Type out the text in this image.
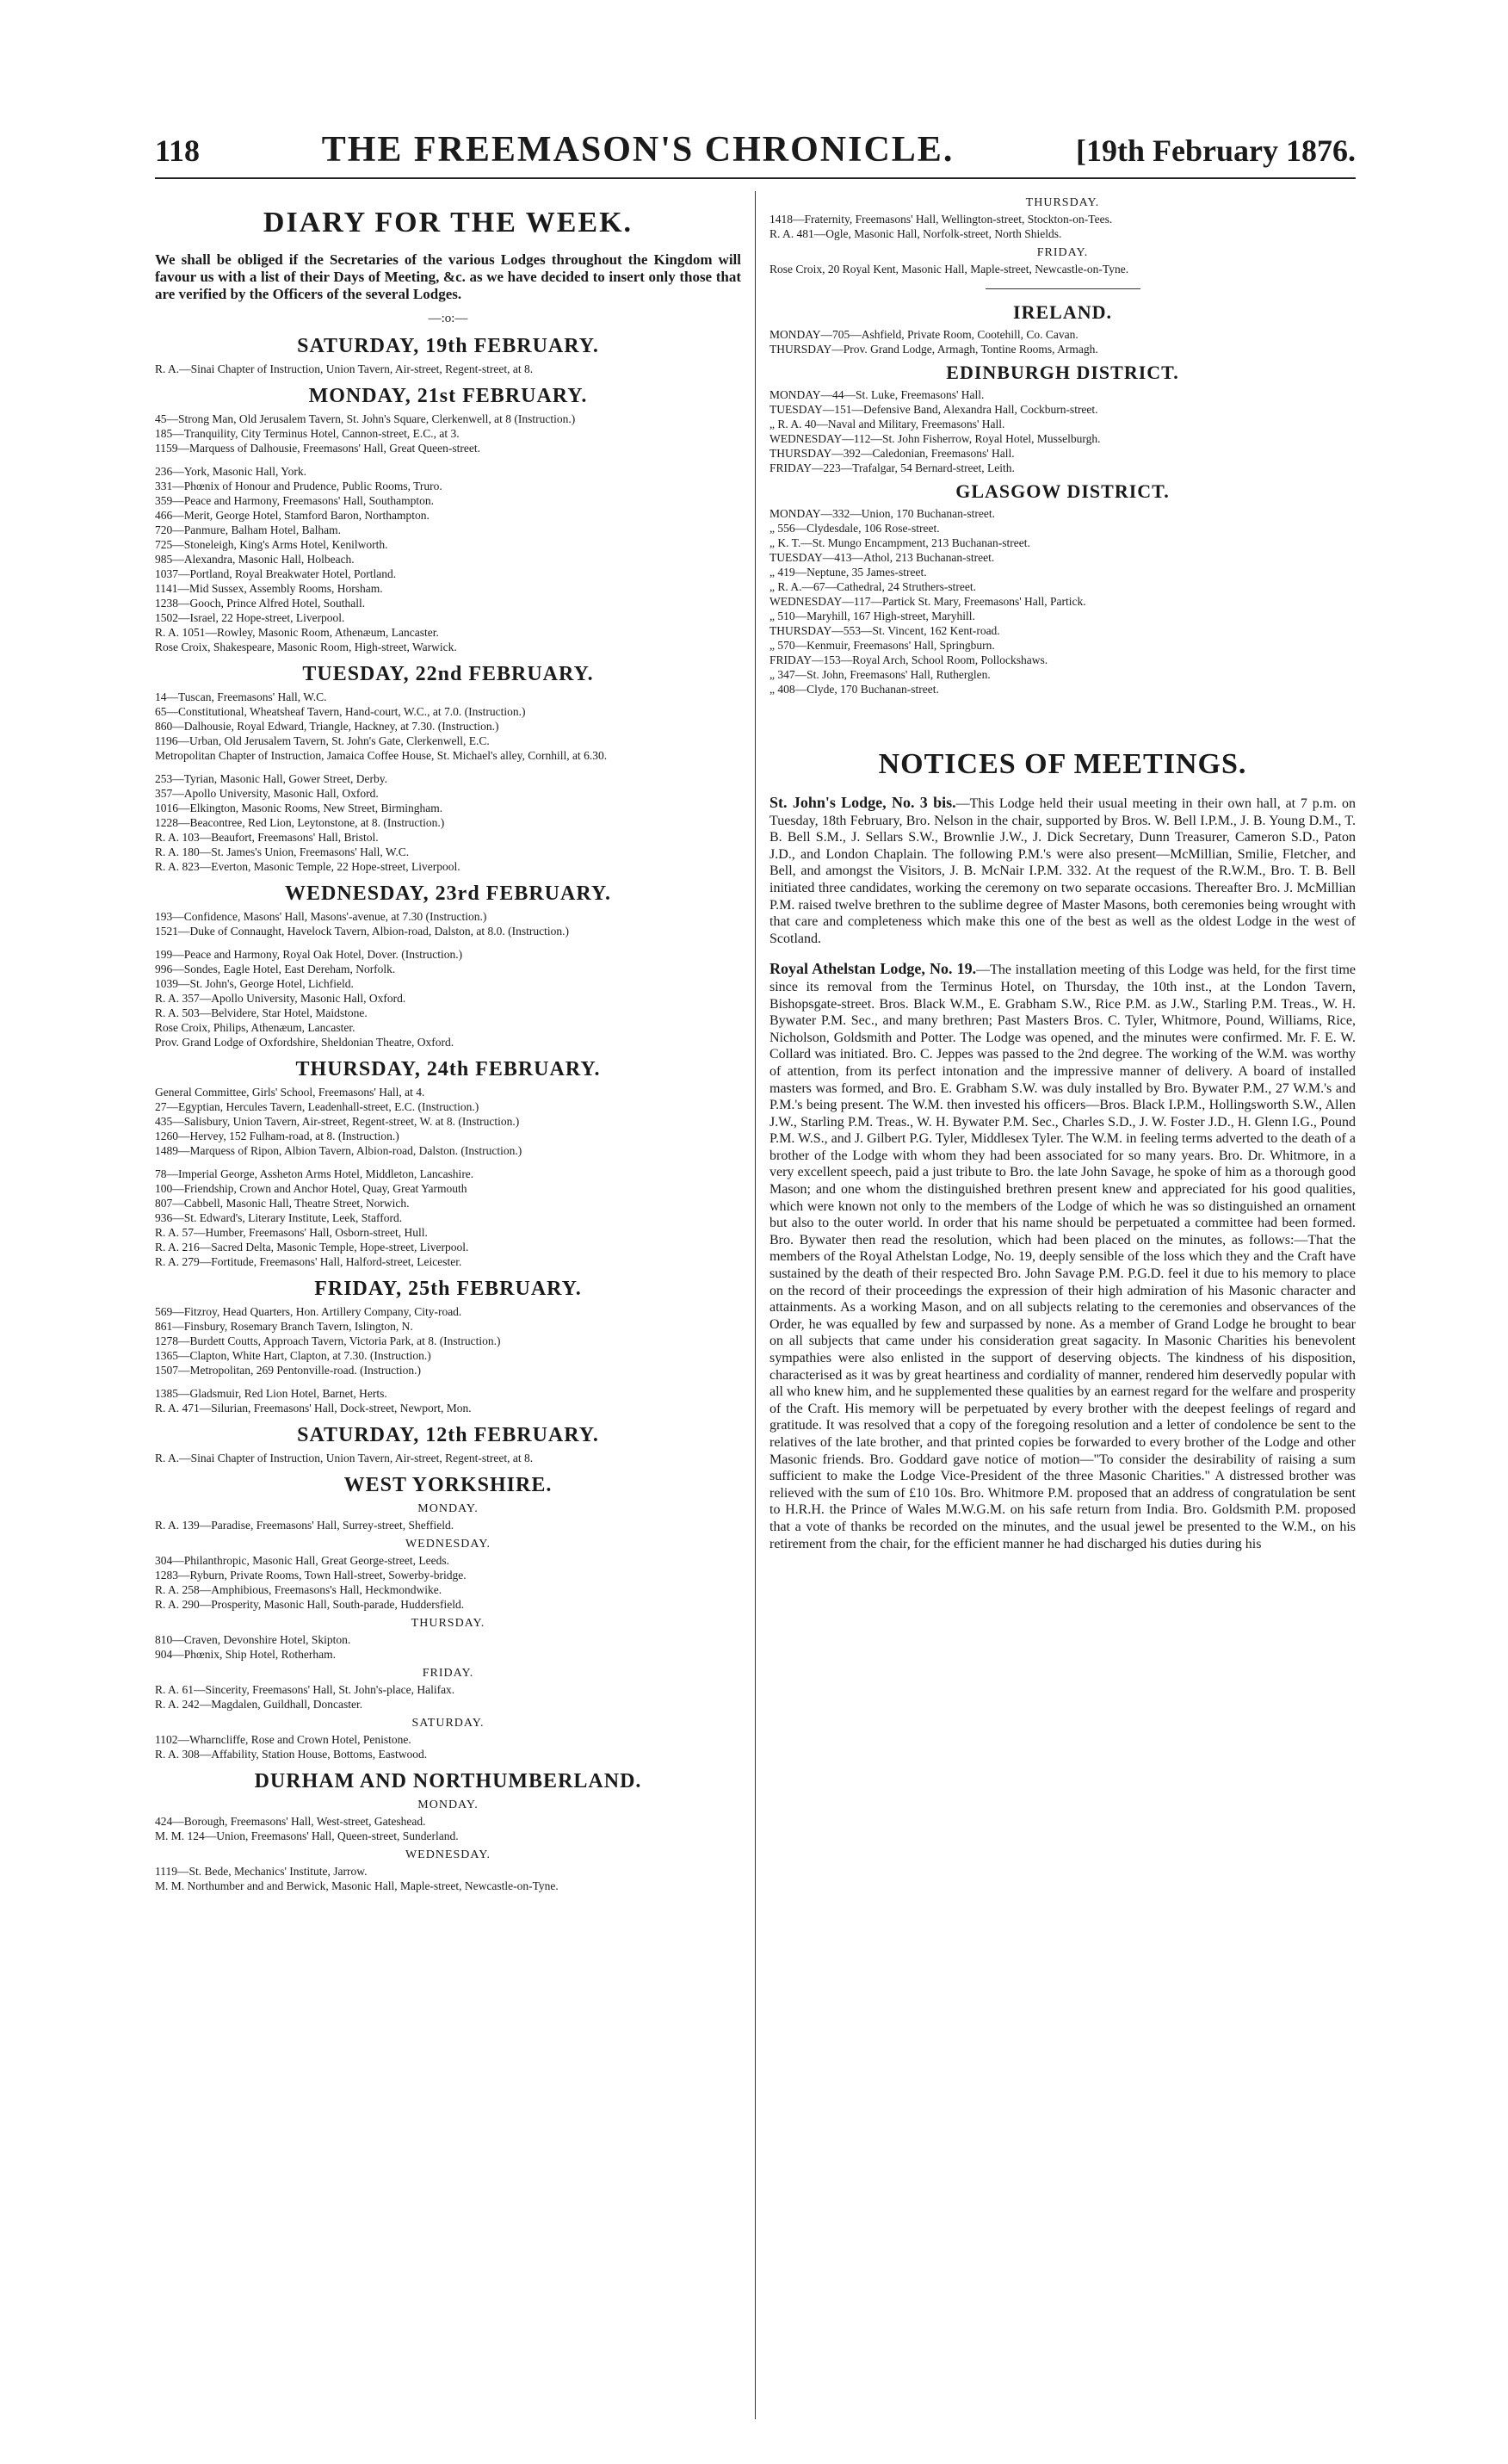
118	THE FREEMASON'S CHRONICLE.	[19th February 1876.
DIARY FOR THE WEEK.

We shall be obliged if the Secretaries of the various Lodges throughout the Kingdom will favour us with a list of their Days of Meeting, &c. as we have decided to insert only those that are verified by the Officers of the several Lodges.

—:o:—
SATURDAY, 19th FEBRUARY.
R. A.—Sinai Chapter of Instruction, Union Tavern, Air-street, Regent-street, at 8.
MONDAY, 21st FEBRUARY.
45—Strong Man, Old Jerusalem Tavern, St. John's Square, Clerkenwell, at 8 (Instruction.)
185—Tranquility, City Terminus Hotel, Cannon-street, E.C., at 3.
1159—Marquess of Dalhousie, Freemasons' Hall, Great Queen-street.
236—York, Masonic Hall, York.
331—Phœnix of Honour and Prudence, Public Rooms, Truro.
359—Peace and Harmony, Freemasons' Hall, Southampton.
466—Merit, George Hotel, Stamford Baron, Northampton.
720—Panmure, Balham Hotel, Balham.
725—Stoneleigh, King's Arms Hotel, Kenilworth.
985—Alexandra, Masonic Hall, Holbeach.
1037—Portland, Royal Breakwater Hotel, Portland.
1141—Mid Sussex, Assembly Rooms, Horsham.
1238—Gooch, Prince Alfred Hotel, Southall.
1502—Israel, 22 Hope-street, Liverpool.
R. A. 1051—Rowley, Masonic Room, Athenæum, Lancaster.
Rose Croix, Shakespeare, Masonic Room, High-street, Warwick.
TUESDAY, 22nd FEBRUARY.
14—Tuscan, Freemasons' Hall, W.C.
65—Constitutional, Wheatsheaf Tavern, Hand-court, W.C., at 7.0. (Instruction.)
860—Dalhousie, Royal Edward, Triangle, Hackney, at 7.30. (Instruction.)
1196—Urban, Old Jerusalem Tavern, St. John's Gate, Clerkenwell, E.C.
Metropolitan Chapter of Instruction, Jamaica Coffee House, St. Michael's alley, Cornhill, at 6.30.
253—Tyrian, Masonic Hall, Gower Street, Derby.
357—Apollo University, Masonic Hall, Oxford.
1016—Elkington, Masonic Rooms, New Street, Birmingham.
1228—Beacontree, Red Lion, Leytonstone, at 8. (Instruction.)
R. A. 103—Beaufort, Freemasons' Hall, Bristol.
R. A. 180—St. James's Union, Freemasons' Hall, W.C.
R. A. 823—Everton, Masonic Temple, 22 Hope-street, Liverpool.
WEDNESDAY, 23rd FEBRUARY.
193—Confidence, Masons' Hall, Masons'-avenue, at 7.30 (Instruction.)
1521—Duke of Connaught, Havelock Tavern, Albion-road, Dalston, at 8.0. (Instruction.)
199—Peace and Harmony, Royal Oak Hotel, Dover. (Instruction.)
996—Sondes, Eagle Hotel, East Dereham, Norfolk.
1039—St. John's, George Hotel, Lichfield.
R. A. 357—Apollo University, Masonic Hall, Oxford.
R. A. 503—Belvidere, Star Hotel, Maidstone.
Rose Croix, Philips, Athenæum, Lancaster.
Prov. Grand Lodge of Oxfordshire, Sheldonian Theatre, Oxford.
THURSDAY, 24th FEBRUARY.
General Committee, Girls' School, Freemasons' Hall, at 4.
27—Egyptian, Hercules Tavern, Leadenhall-street, E.C. (Instruction.)
435—Salisbury, Union Tavern, Air-street, Regent-street, W. at 8. (Instruction.)
1260—Hervey, 152 Fulham-road, at 8. (Instruction.)
1489—Marquess of Ripon, Albion Tavern, Albion-road, Dalston. (Instruction.)
78—Imperial George, Assheton Arms Hotel, Middleton, Lancashire.
100—Friendship, Crown and Anchor Hotel, Quay, Great Yarmouth
807—Cabbell, Masonic Hall, Theatre Street, Norwich.
936—St. Edward's, Literary Institute, Leek, Stafford.
R. A. 57—Humber, Freemasons' Hall, Osborn-street, Hull.
R. A. 216—Sacred Delta, Masonic Temple, Hope-street, Liverpool.
R. A. 279—Fortitude, Freemasons' Hall, Halford-street, Leicester.
FRIDAY, 25th FEBRUARY.
569—Fitzroy, Head Quarters, Hon. Artillery Company, City-road.
861—Finsbury, Rosemary Branch Tavern, Islington, N.
1278—Burdett Coutts, Approach Tavern, Victoria Park, at 8. (Instruction.)
1365—Clapton, White Hart, Clapton, at 7.30. (Instruction.)
1507—Metropolitan, 269 Pentonville-road. (Instruction.)
1385—Gladsmuir, Red Lion Hotel, Barnet, Herts.
R. A. 471—Silurian, Freemasons' Hall, Dock-street, Newport, Mon.
SATURDAY, 12th FEBRUARY.
R. A.—Sinai Chapter of Instruction, Union Tavern, Air-street, Regent-street, at 8.
WEST YORKSHIRE.
MONDAY.
R. A. 139—Paradise, Freemasons' Hall, Surrey-street, Sheffield.
WEDNESDAY.
304—Philanthropic, Masonic Hall, Great George-street, Leeds.
1283—Ryburn, Private Rooms, Town Hall-street, Sowerby-bridge.
R. A. 258—Amphibious, Freemasons's Hall, Heckmondwike.
R. A. 290—Prosperity, Masonic Hall, South-parade, Huddersfield.
THURSDAY.
810—Craven, Devonshire Hotel, Skipton.
904—Phœnix, Ship Hotel, Rotherham.
FRIDAY.
R. A. 61—Sincerity, Freemasons' Hall, St. John's-place, Halifax.
R. A. 242—Magdalen, Guildhall, Doncaster.
SATURDAY.
1102—Wharncliffe, Rose and Crown Hotel, Penistone.
R. A. 308—Affability, Station House, Bottoms, Eastwood.
DURHAM AND NORTHUMBERLAND.
MONDAY.
424—Borough, Freemasons' Hall, West-street, Gateshead.
M. M. 124—Union, Freemasons' Hall, Queen-street, Sunderland.
WEDNESDAY.
1119—St. Bede, Mechanics' Institute, Jarrow.
M. M. Northumber and and Berwick, Masonic Hall, Maple-street, Newcastle-on-Tyne.
THURSDAY.
1418—Fraternity, Freemasons' Hall, Wellington-street, Stockton-on-Tees.
R. A. 481—Ogle, Masonic Hall, Norfolk-street, North Shields.
FRIDAY.
Rose Croix, 20 Royal Kent, Masonic Hall, Maple-street, Newcastle-on-Tyne.
IRELAND.
MONDAY—705—Ashfield, Private Room, Cootehill, Co. Cavan.
THURSDAY—Prov. Grand Lodge, Armagh, Tontine Rooms, Armagh.
EDINBURGH DISTRICT.
MONDAY—44—St. Luke, Freemasons' Hall.
TUESDAY—151—Defensive Band, Alexandra Hall, Cockburn-street.
„ R. A. 40—Naval and Military, Freemasons' Hall.
WEDNESDAY—112—St. John Fisherrow, Royal Hotel, Musselburgh.
THURSDAY—392—Caledonian, Freemasons' Hall.
FRIDAY—223—Trafalgar, 54 Bernard-street, Leith.
GLASGOW DISTRICT.
MONDAY—332—Union, 170 Buchanan-street.
„ 556—Clydesdale, 106 Rose-street.
„ K. T.—St. Mungo Encampment, 213 Buchanan-street.
TUESDAY—413—Athol, 213 Buchanan-street.
„ 419—Neptune, 35 James-street.
„ R. A.—67—Cathedral, 24 Struthers-street.
WEDNESDAY—117—Partick St. Mary, Freemasons' Hall, Partick.
„ 510—Maryhill, 167 High-street, Maryhill.
THURSDAY—553—St. Vincent, 162 Kent-road.
„ 570—Kenmuir, Freemasons' Hall, Springburn.
FRIDAY—153—Royal Arch, School Room, Pollockshaws.
„ 347—St. John, Freemasons' Hall, Rutherglen.
„ 408—Clyde, 170 Buchanan-street.
NOTICES OF MEETINGS.

St. John's Lodge, No. 3 bis.—This Lodge held their usual meeting in their own hall, at 7 p.m. on Tuesday, 18th February, Bro. Nelson in the chair, supported by Bros. W. Bell I.P.M., J. B. Young D.M., T. B. Bell S.M., J. Sellars S.W., Brownlie J.W., J. Dick Secretary, Dunn Treasurer, Cameron S.D., Paton J.D., and London Chaplain. The following P.M.'s were also present—McMillian, Smilie, Fletcher, and Bell, and amongst the Visitors, J. B. McNair I.P.M. 332. At the request of the R.W.M., Bro. T. B. Bell initiated three candidates, working the ceremony on two separate occasions. Thereafter Bro. J. McMillian P.M. raised twelve brethren to the sublime degree of Master Masons, both ceremonies being wrought with that care and completeness which make this one of the best as well as the oldest Lodge in the west of Scotland.

Royal Athelstan Lodge, No. 19.—The installation meeting of this Lodge was held, for the first time since its removal from the Terminus Hotel, on Thursday, the 10th inst., at the London Tavern, Bishopsgate-street. Bros. Black W.M., E. Grabham S.W., Rice P.M. as J.W., Starling P.M. Treas., W. H. Bywater P.M. Sec., and many brethren; Past Masters Bros. C. Tyler, Whitmore, Pound, Williams, Rice, Nicholson, Goldsmith and Potter. The Lodge was opened, and the minutes were confirmed. Mr. F. E. W. Collard was initiated. Bro. C. Jeppes was passed to the 2nd degree. The working of the W.M. was worthy of attention, from its perfect intonation and the impressive manner of delivery. A board of installed masters was formed, and Bro. E. Grabham S.W. was duly installed by Bro. Bywater P.M., 27 W.M.'s and P.M.'s being present. The W.M. then invested his officers—Bros. Black I.P.M., Hollingsworth S.W., Allen J.W., Starling P.M. Treas., W. H. Bywater P.M. Sec., Charles S.D., J. W. Foster J.D., H. Glenn I.G., Pound P.M. W.S., and J. Gilbert P.G. Tyler, Middlesex Tyler. The W.M. in feeling terms adverted to the death of a brother of the Lodge with whom they had been associated for so many years. Bro. Dr. Whitmore, in a very excellent speech, paid a just tribute to Bro. the late John Savage, he spoke of him as a thorough good Mason; and one whom the distinguished brethren present knew and appreciated for his good qualities, which were known not only to the members of the Lodge of which he was so distinguished an ornament but also to the outer world. In order that his name should be perpetuated a committee had been formed. Bro. Bywater then read the resolution, which had been placed on the minutes, as follows:—That the members of the Royal Athelstan Lodge, No. 19, deeply sensible of the loss which they and the Craft have sustained by the death of their respected Bro. John Savage P.M. P.G.D. feel it due to his memory to place on the record of their proceedings the expression of their high admiration of his Masonic character and attainments. As a working Mason, and on all subjects relating to the ceremonies and observances of the Order, he was equalled by few and surpassed by none. As a member of Grand Lodge he brought to bear on all subjects that came under his consideration great sagacity. In Masonic Charities his benevolent sympathies were also enlisted in the support of deserving objects. The kindness of his disposition, characterised as it was by great heartiness and cordiality of manner, rendered him deservedly popular with all who knew him, and he supplemented these qualities by an earnest regard for the welfare and prosperity of the Craft. His memory will be perpetuated by every brother with the deepest feelings of regard and gratitude. It was resolved that a copy of the foregoing resolution and a letter of condolence be sent to the relatives of the late brother, and that printed copies be forwarded to every brother of the Lodge and other Masonic friends. Bro. Goddard gave notice of motion—"To consider the desirability of raising a sum sufficient to make the Lodge Vice-President of the three Masonic Charities." A distressed brother was relieved with the sum of £10 10s. Bro. Whitmore P.M. proposed that an address of congratulation be sent to H.R.H. the Prince of Wales M.W.G.M. on his safe return from India. Bro. Goldsmith P.M. proposed that a vote of thanks be recorded on the minutes, and the usual jewel be presented to the W.M., on his retirement from the chair, for the efficient manner he had discharged his duties during his
